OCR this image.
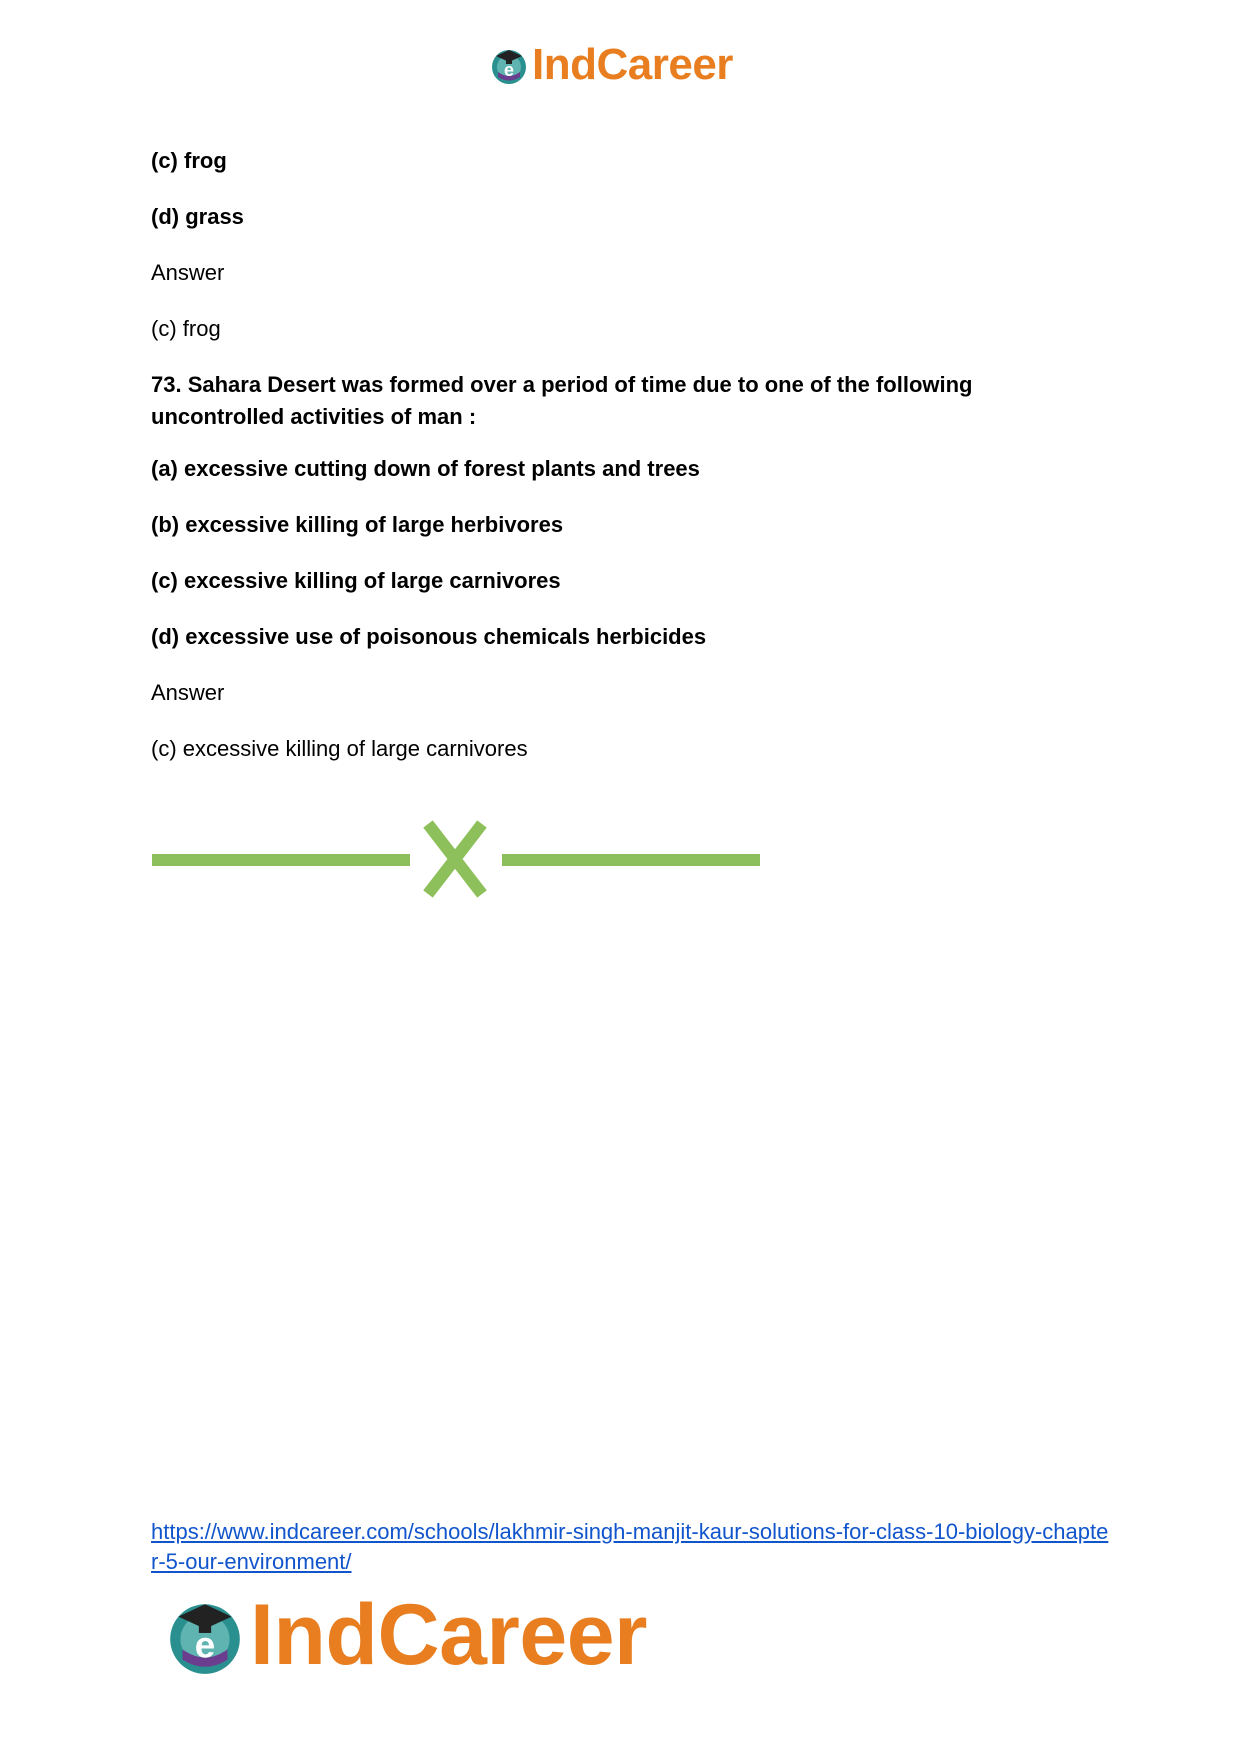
e IndCareer

(c) frog

(d) grass

Answer

(c) frog

73. Sahara Desert was formed over a period of time due to one of the following uncontrolled activities of man :

(a) excessive cutting down of forest plants and trees

(b) excessive killing of large herbivores

(c) excessive killing of large carnivores

(d) excessive use of poisonous chemicals herbicides

Answer

(c) excessive killing of large carnivores

https://www.indcareer.com/schools/lakhmir-singh-manjit-kaur-solutions-for-class-10-biology-chapter-5-our-environment/
e IndCareer
